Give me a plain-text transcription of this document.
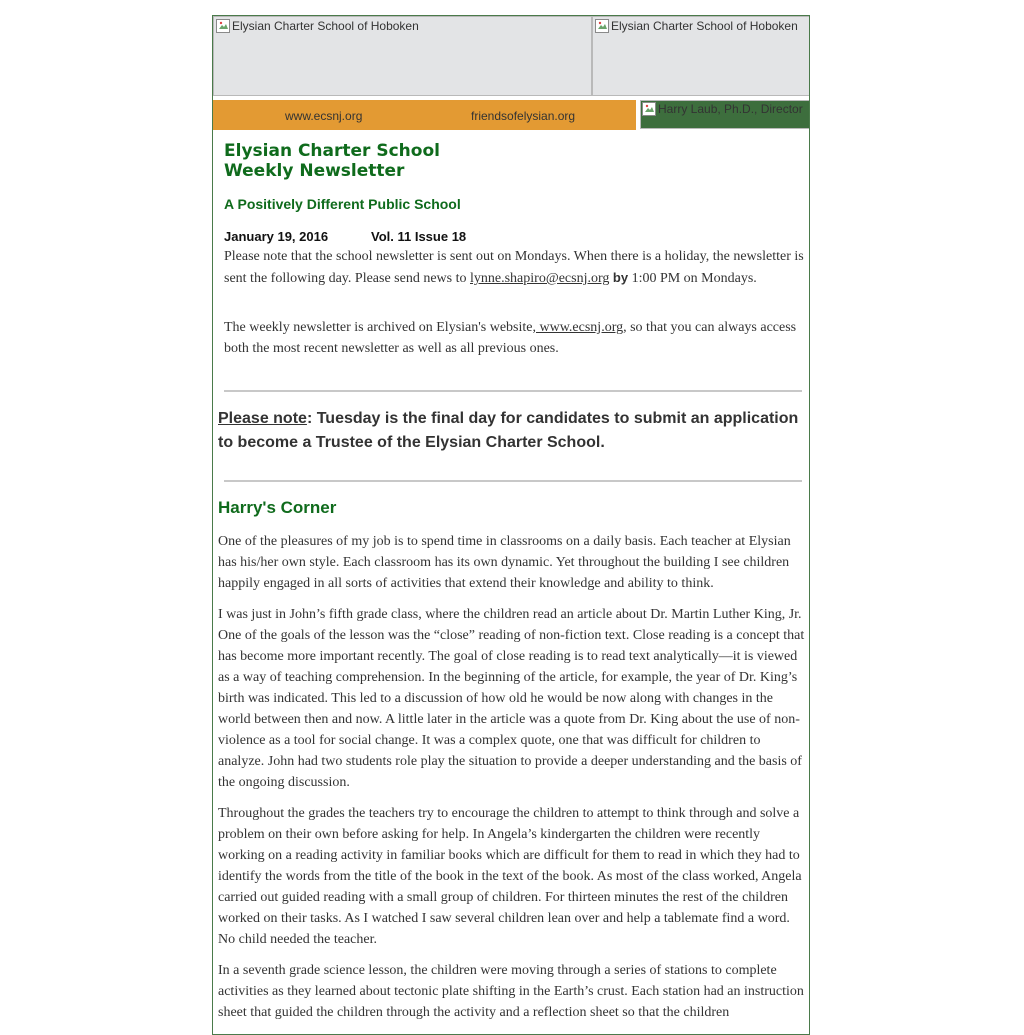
Elysian Charter School of Hoboken	Elysian Charter School of Hoboken
www.ecsnj.org	friendsofelysian.org	Harry Laub, Ph.D., Director
Elysian Charter School
Weekly Newsletter
A Positively Different Public School
January 19, 2016	Vol. 11 Issue 18

Please note that the school newsletter is sent out on Mondays. When there is a holiday, the newsletter is sent the following day. Please send news to lynne.shapiro@ecsnj.org by 1:00 PM on Mondays.

The weekly newsletter is archived on Elysian's website, www.ecsnj.org, so that you can always access both the most recent newsletter as well as all previous ones.

Please note: Tuesday is the final day for candidates to submit an application to become a Trustee of the Elysian Charter School.

Harry's Corner

One of the pleasures of my job is to spend time in classrooms on a daily basis. Each teacher at Elysian has his/her own style. Each classroom has its own dynamic. Yet throughout the building I see children happily engaged in all sorts of activities that extend their knowledge and ability to think.

I was just in John’s fifth grade class, where the children read an article about Dr. Martin Luther King, Jr. One of the goals of the lesson was the “close” reading of non-fiction text. Close reading is a concept that has become more important recently. The goal of close reading is to read text analytically—it is viewed as a way of teaching comprehension. In the beginning of the article, for example, the year of Dr. King’s birth was indicated. This led to a discussion of how old he would be now along with changes in the world between then and now. A little later in the article was a quote from Dr. King about the use of non-violence as a tool for social change. It was a complex quote, one that was difficult for children to analyze. John had two students role play the situation to provide a deeper understanding and the basis of the ongoing discussion.

Throughout the grades the teachers try to encourage the children to attempt to think through and solve a problem on their own before asking for help. In Angela’s kindergarten the children were recently working on a reading activity in familiar books which are difficult for them to read in which they had to identify the words from the title of the book in the text of the book. As most of the class worked, Angela carried out guided reading with a small group of children. For thirteen minutes the rest of the children worked on their tasks. As I watched I saw several children lean over and help a tablemate find a word. No child needed the teacher.

In a seventh grade science lesson, the children were moving through a series of stations to complete activities as they learned about tectonic plate shifting in the Earth’s crust. Each station had an instruction sheet that guided the children through the activity and a reflection sheet so that the children
